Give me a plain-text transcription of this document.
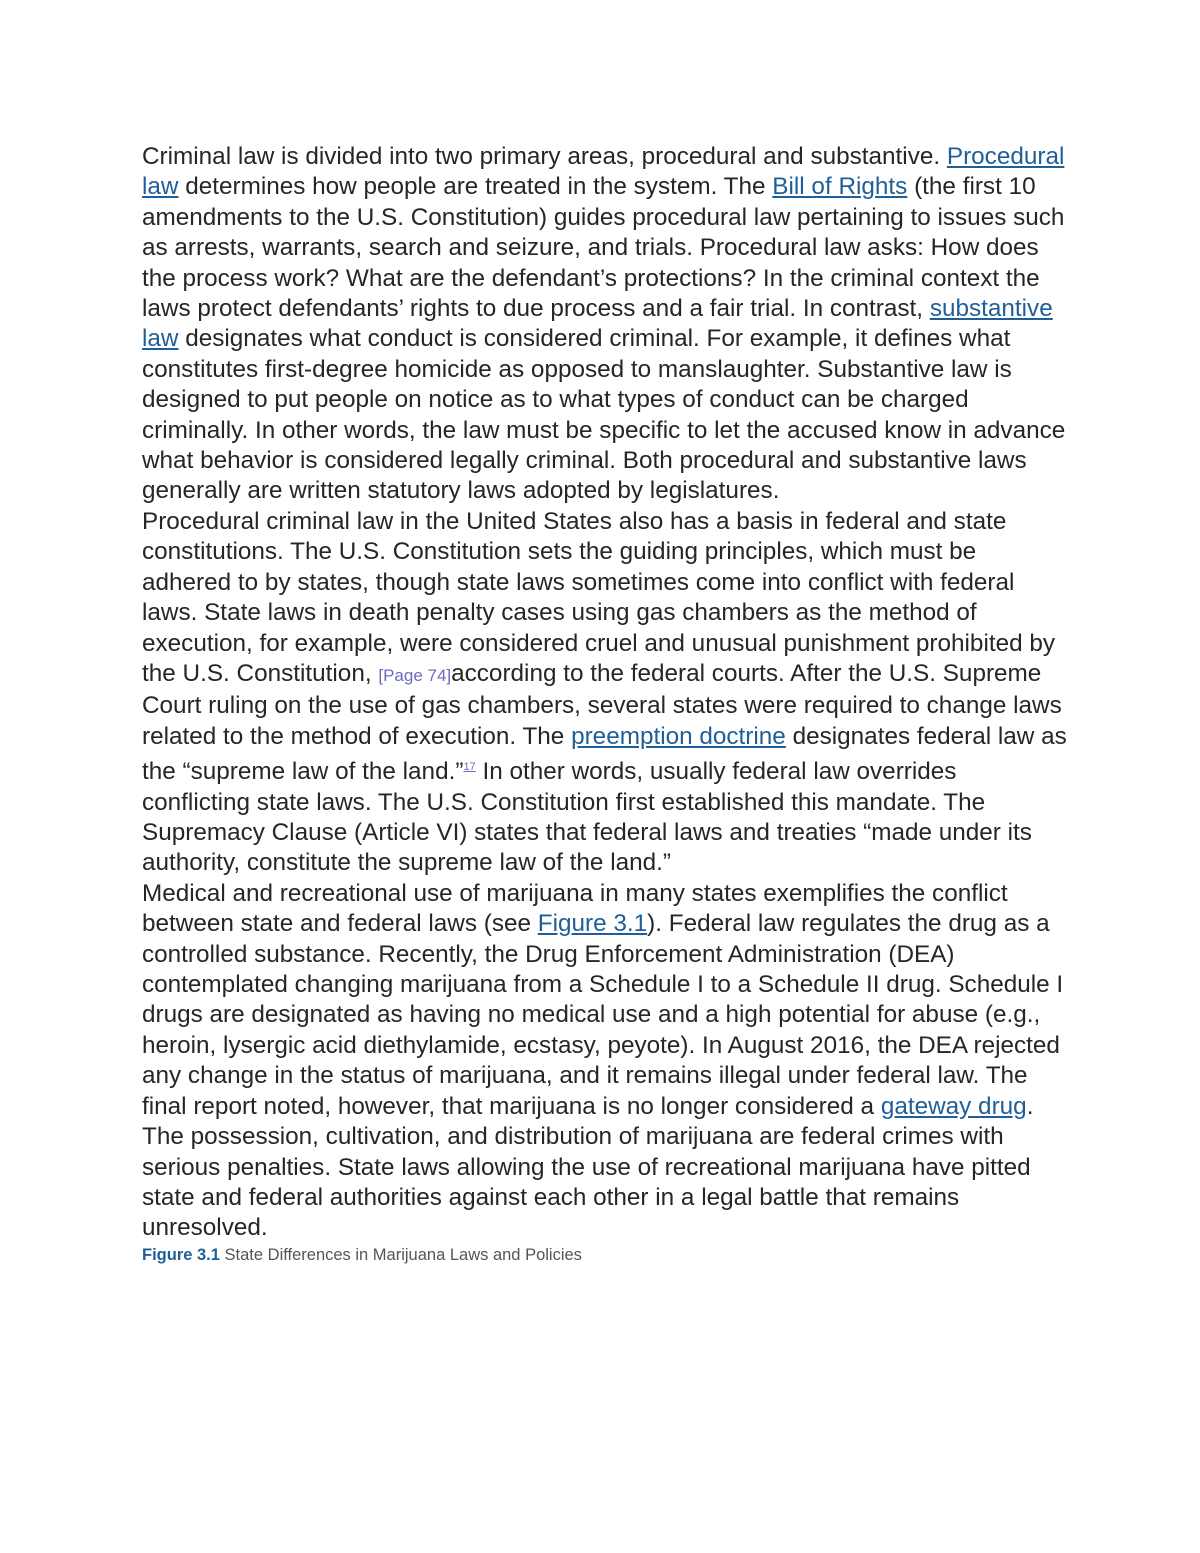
Criminal law is divided into two primary areas, procedural and substantive. Procedural law determines how people are treated in the system. The Bill of Rights (the first 10 amendments to the U.S. Constitution) guides procedural law pertaining to issues such as arrests, warrants, search and seizure, and trials. Procedural law asks: How does the process work? What are the defendant’s protections? In the criminal context the laws protect defendants’ rights to due process and a fair trial. In contrast, substantive law designates what conduct is considered criminal. For example, it defines what constitutes first-degree homicide as opposed to manslaughter. Substantive law is designed to put people on notice as to what types of conduct can be charged criminally. In other words, the law must be specific to let the accused know in advance what behavior is considered legally criminal. Both procedural and substantive laws generally are written statutory laws adopted by legislatures.

Procedural criminal law in the United States also has a basis in federal and state constitutions. The U.S. Constitution sets the guiding principles, which must be adhered to by states, though state laws sometimes come into conflict with federal laws. State laws in death penalty cases using gas chambers as the method of execution, for example, were considered cruel and unusual punishment prohibited by the U.S. Constitution, [Page 74]according to the federal courts. After the U.S. Supreme Court ruling on the use of gas chambers, several states were required to change laws related to the method of execution. The preemption doctrine designates federal law as the “supreme law of the land.”$^{17}$ In other words, usually federal law overrides conflicting state laws. The U.S. Constitution first established this mandate. The Supremacy Clause (Article VI) states that federal laws and treaties “made under its authority, constitute the supreme law of the land.”

Medical and recreational use of marijuana in many states exemplifies the conflict between state and federal laws (see Figure 3.1). Federal law regulates the drug as a controlled substance. Recently, the Drug Enforcement Administration (DEA) contemplated changing marijuana from a Schedule I to a Schedule II drug. Schedule I drugs are designated as having no medical use and a high potential for abuse (e.g., heroin, lysergic acid diethylamide, ecstasy, peyote). In August 2016, the DEA rejected any change in the status of marijuana, and it remains illegal under federal law. The final report noted, however, that marijuana is no longer considered a gateway drug. The possession, cultivation, and distribution of marijuana are federal crimes with serious penalties. State laws allowing the use of recreational marijuana have pitted state and federal authorities against each other in a legal battle that remains unresolved.

Figure 3.1 State Differences in Marijuana Laws and Policies
